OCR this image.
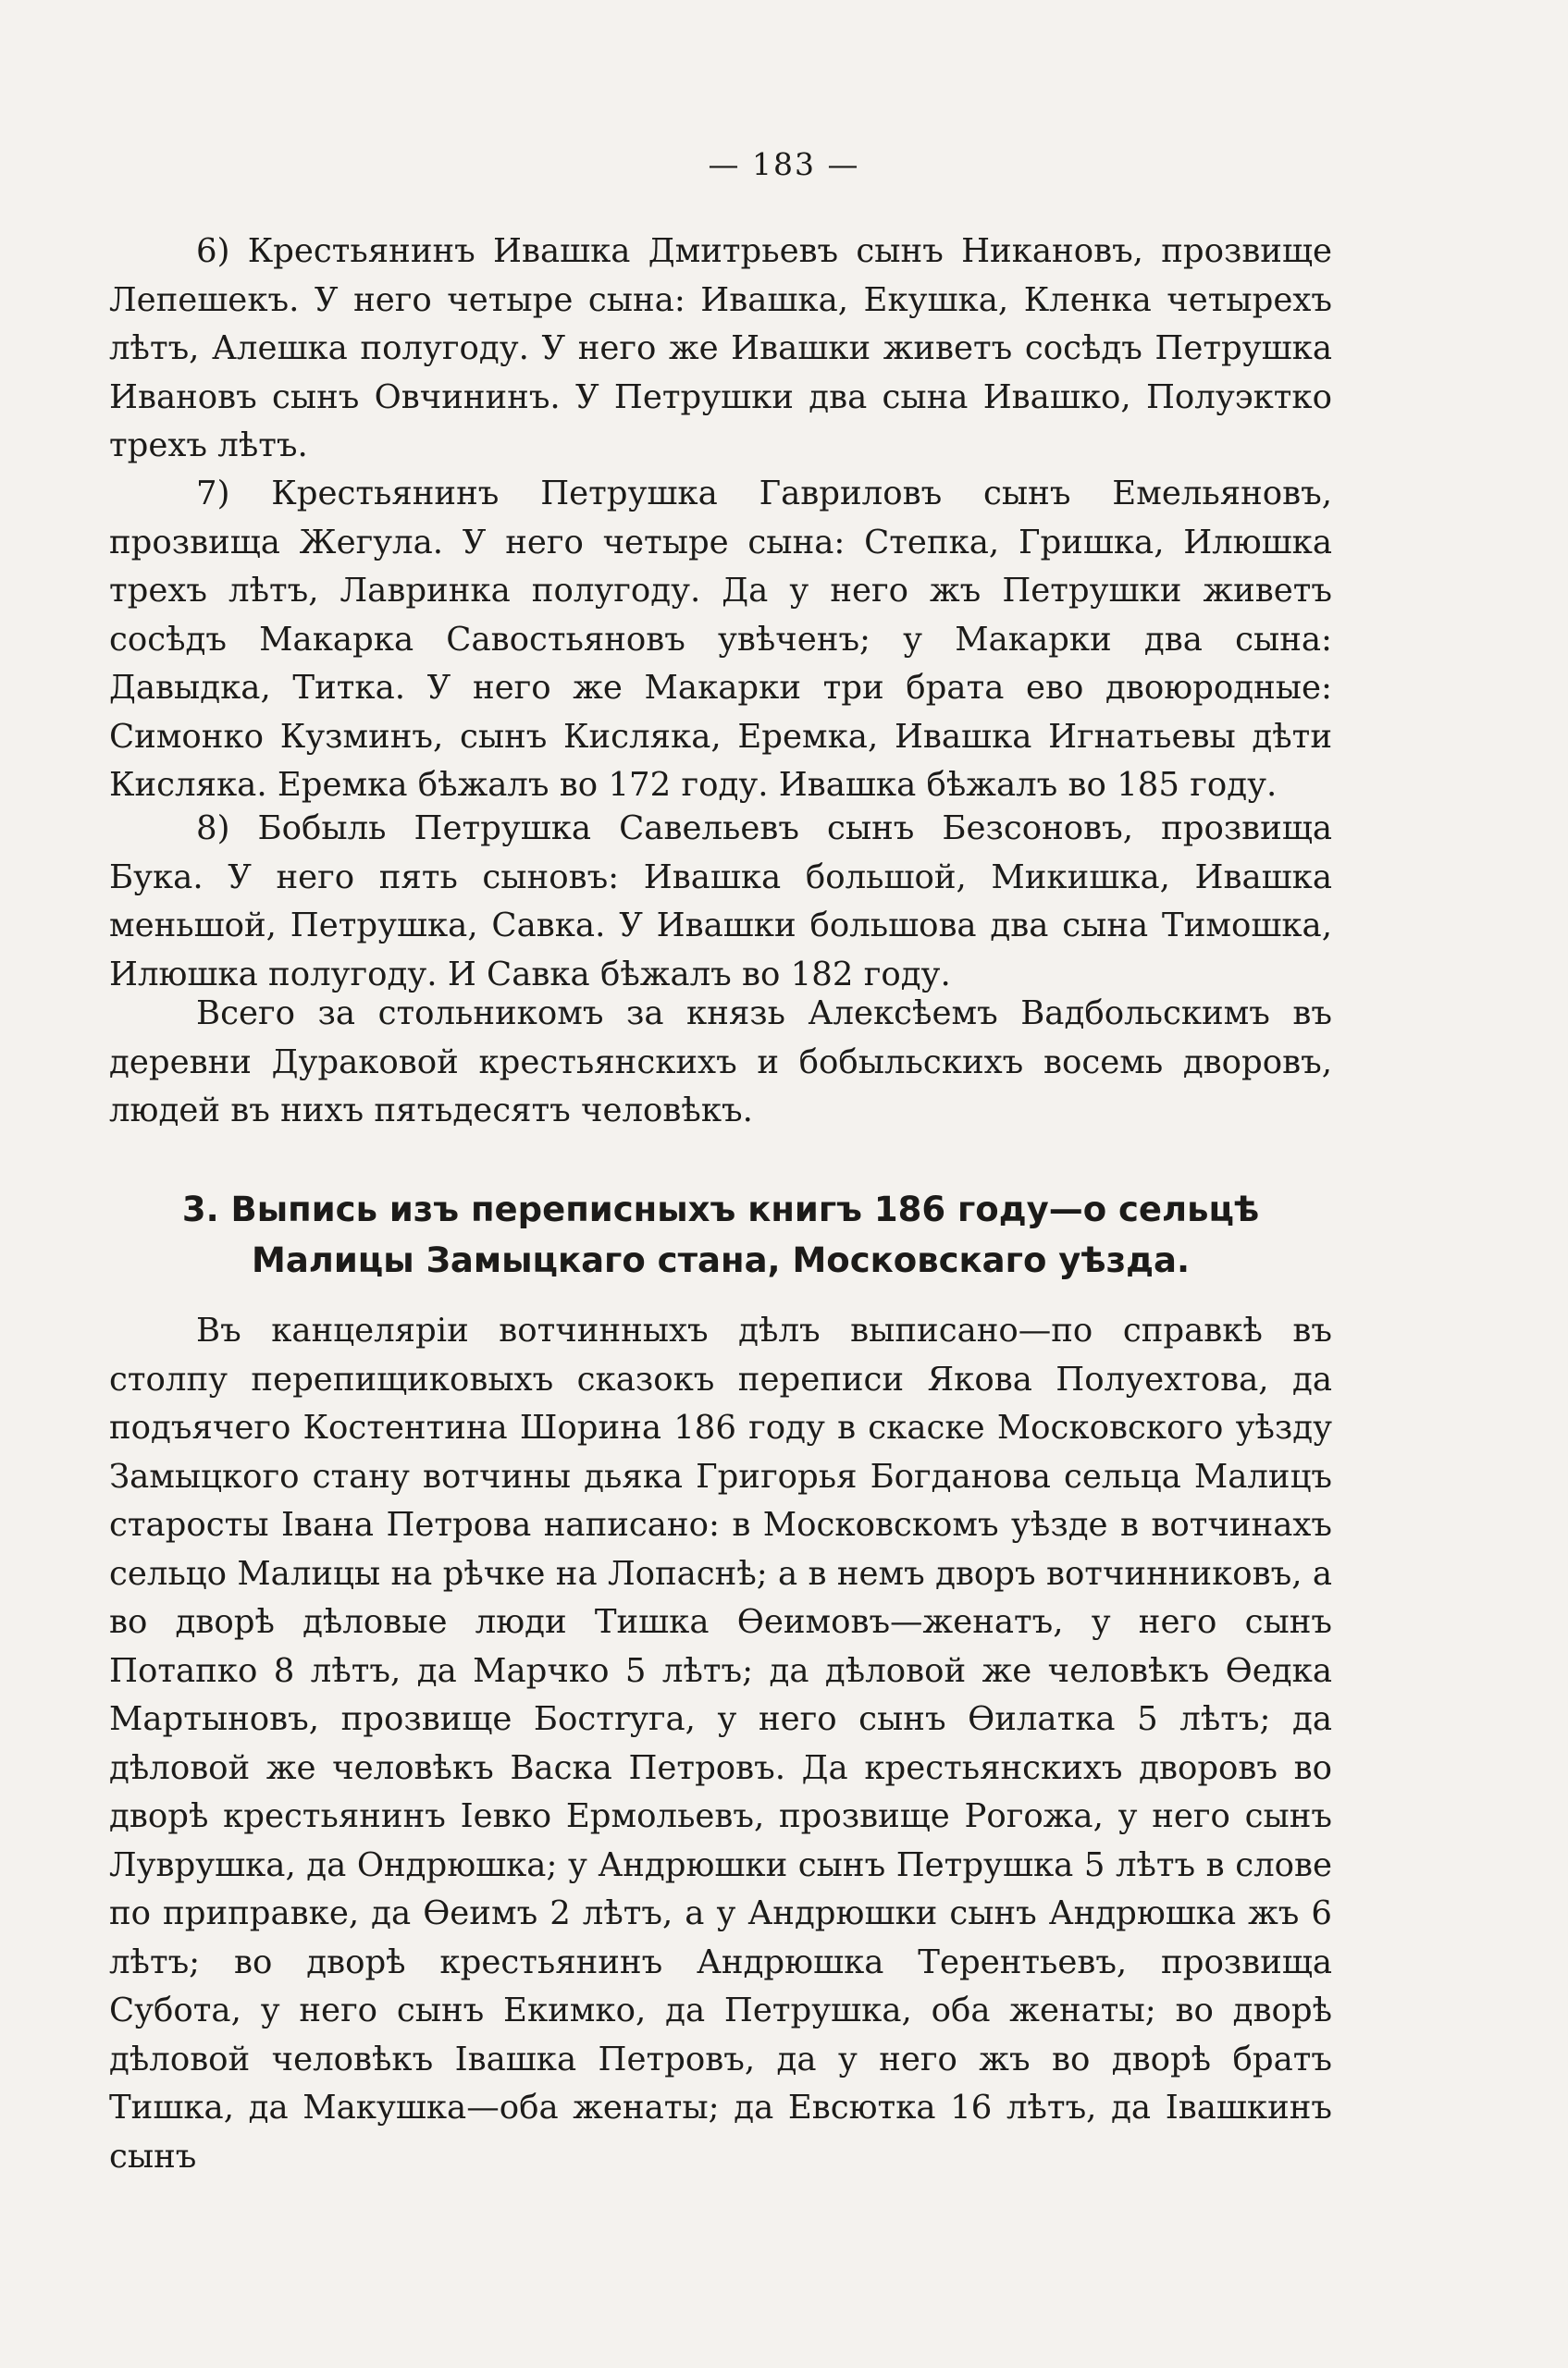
— 183 —

6) Крестьянинъ Ивашка Дмитрьевъ сынъ Никановъ, прозвище Лепешекъ. У него четыре сына: Ивашка, Екушка, Кленка четырехъ лѣтъ, Алешка полугоду. У него же Ивашки живетъ сосѣдъ Петрушка Ивановъ сынъ Овчининъ. У Петрушки два сына Ивашко, Полуэктко трехъ лѣтъ.

7) Крестьянинъ Петрушка Гавриловъ сынъ Емельяновъ, прозвища Жегула. У него четыре сына: Степка, Гришка, Илюшка трехъ лѣтъ, Лавринка полугоду. Да у него жъ Петрушки живетъ сосѣдъ Макарка Савостьяновъ увѣченъ; у Макарки два сына: Давыдка, Титка. У него же Макарки три брата ево двоюродные: Симонко Кузминъ, сынъ Кисляка, Еремка, Ивашка Игнатьевы дѣти Кисляка. Еремка бѣжалъ во 172 году. Ивашка бѣжалъ во 185 году.

8) Бобыль Петрушка Савельевъ сынъ Безсоновъ, прозвища Бука. У него пять сыновъ: Ивашка большой, Микишка, Ивашка меньшой, Петрушка, Савка. У Ивашки большова два сына Тимошка, Илюшка полугоду. И Савка бѣжалъ во 182 году.

Всего за стольникомъ за князь Алексѣемъ Вадбольскимъ въ деревни Дураковой крестьянскихъ и бобыльскихъ восемь дворовъ, людей въ нихъ пятьдесятъ человѣкъ.

3. Выпись изъ переписныхъ книгъ 186 году—о сельцѣ Малицы Замыцкаго стана, Московскаго уѣзда.

Въ канцеляріи вотчинныхъ дѣлъ выписано—по справкѣ въ столпу перепищиковыхъ сказокъ переписи Якова Полуехтова, да подъячего Костентина Шорина 186 году в скаске Московского уѣзду Замыцкого стану вотчины дьяка Григорья Богданова сельца Малицъ старосты Івана Петрова написано: в Московскомъ уѣзде в вотчинахъ сельцо Малицы на рѣчке на Лопаснѣ; а в немъ дворъ вотчинниковъ, а во дворѣ дѣловые люди Тишка Ѳеимовъ—женатъ, у него сынъ Потапко 8 лѣтъ, да Марчко 5 лѣтъ; да дѣловой же человѣкъ Ѳедка Мартыновъ, прозвище Бостryга, у него сынъ Ѳилатка 5 лѣтъ; да дѣловой же человѣкъ Васка Петровъ. Да крестьянскихъ дворовъ во дворѣ крестьянинъ Іевко Ермольевъ, прозвище Рогожа, у него сынъ Луврушка, да Ондрюшка; у Андрюшки сынъ Петрушка 5 лѣтъ в слове по приправке, да Ѳеимъ 2 лѣтъ, а у Андрюшки сынъ Андрюшка жъ 6 лѣтъ; во дворѣ крестьянинъ Андрюшка Терентьевъ, прозвища Субота, у него сынъ Екимко, да Петрушка, оба женаты; во дворѣ дѣловой человѣкъ Івашка Петровъ, да у него жъ во дворѣ братъ Тишка, да Макушка—оба женаты; да Евсютка 16 лѣтъ, да Івашкинъ сынъ
